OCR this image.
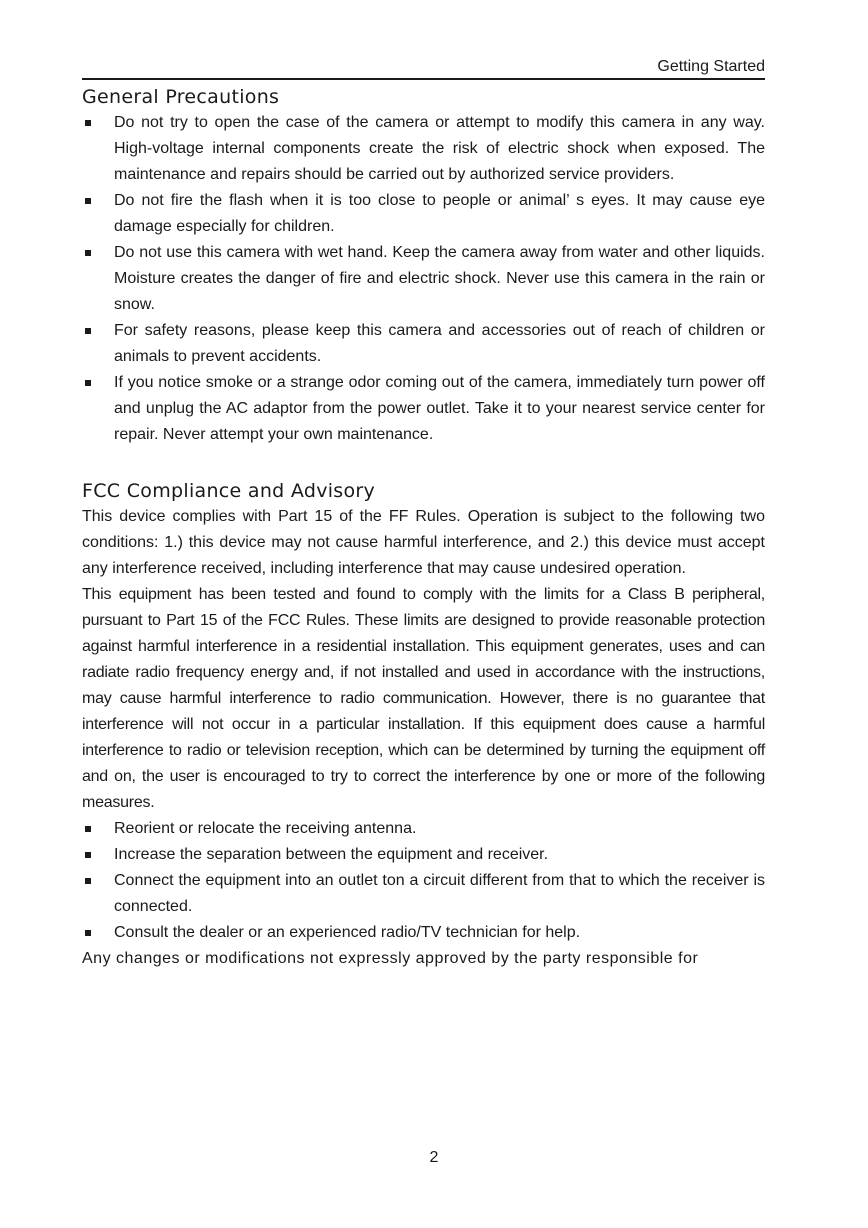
Getting Started
General Precautions
Do not try to open the case of the camera or attempt to modify this camera in any way. High-voltage internal components create the risk of electric shock when exposed. The maintenance and repairs should be carried out by authorized service providers.
Do not fire the flash when it is too close to people or animal’ s eyes. It may cause eye damage especially for children.
Do not use this camera with wet hand. Keep the camera away from water and other liquids. Moisture creates the danger of fire and electric shock. Never use this camera in the rain or snow.
For safety reasons, please keep this camera and accessories out of reach of children or animals to prevent accidents.
If you notice smoke or a strange odor coming out of the camera, immediately turn power off and unplug the AC adaptor from the power outlet. Take it to your nearest service center for repair. Never attempt your own maintenance.
FCC Compliance and Advisory

This device complies with Part 15 of the FF Rules. Operation is subject to the following two conditions: 1.) this device may not cause harmful interference, and 2.) this device must accept any interference received, including interference that may cause undesired operation.

This equipment has been tested and found to comply with the limits for a Class B peripheral, pursuant to Part 15 of the FCC Rules. These limits are designed to provide reasonable protection against harmful interference in a residential installation. This equipment generates, uses and can radiate radio frequency energy and, if not installed and used in accordance with the instructions, may cause harmful interference to radio communication. However, there is no guarantee that interference will not occur in a particular installation. If this equipment does cause a harmful interference to radio or television reception, which can be determined by turning the equipment off and on, the user is encouraged to try to correct the interference by one or more of the following measures.

Reorient or relocate the receiving antenna.
Increase the separation between the equipment and receiver.
Connect the equipment into an outlet ton a circuit different from that to which the receiver is connected.
Consult the dealer or an experienced radio/TV technician for help.

Any changes or modifications not expressly approved by the party responsible for

2
